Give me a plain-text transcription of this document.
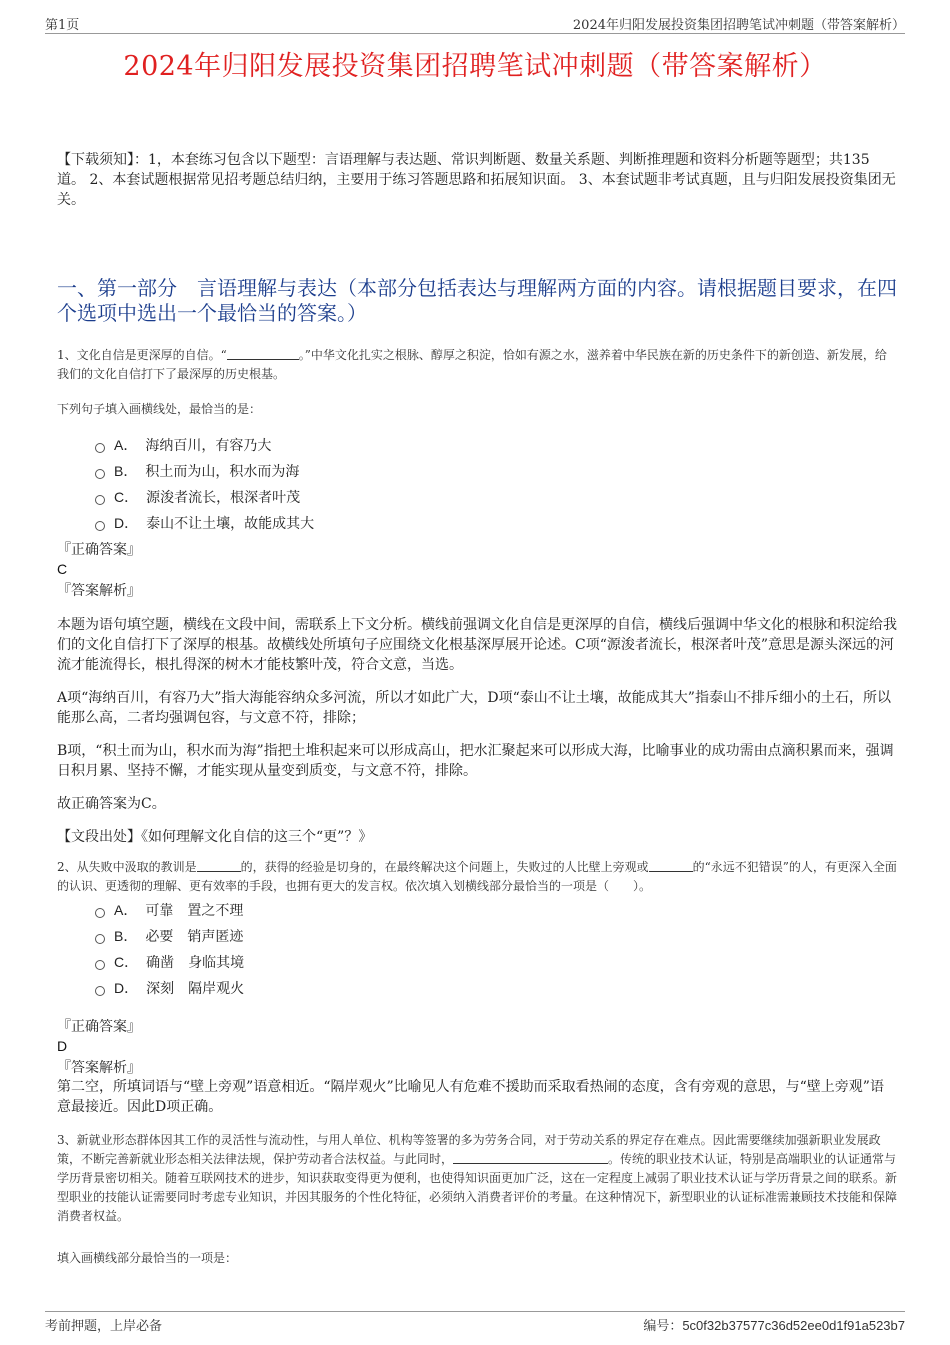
第1页	2024年归阳发展投资集团招聘笔试冲刺题（带答案解析）
2024年归阳发展投资集团招聘笔试冲刺题（带答案解析）
【下载须知】：1，本套练习包含以下题型：言语理解与表达题、常识判断题、数量关系题、判断推理题和资料分析题等题型；共135道。 2、本套试题根据常见招考题总结归纳，主要用于练习答题思路和拓展知识面。 3、本套试题非考试真题，且与归阳发展投资集团无关。
一、第一部分　言语理解与表达（本部分包括表达与理解两方面的内容。请根据题目要求，在四个选项中选出一个最恰当的答案。）
1、文化自信是更深厚的自信。“	。”中华文化扎实之根脉、醇厚之积淀，恰如有源之水，滋养着中华民族在新的历史条件下的新创造、新发展，给我们的文化自信打下了最深厚的历史根基。
下列句子填入画横线处，最恰当的是：
A． 海纳百川，有容乃大
B． 积土而为山，积水而为海
C． 源浚者流长，根深者叶茂
D． 泰山不让土壤，故能成其大
『正确答案』
C
『答案解析』

本题为语句填空题，横线在文段中间，需联系上下文分析。横线前强调文化自信是更深厚的自信，横线后强调中华文化的根脉和积淀给我们的文化自信打下了深厚的根基。故横线处所填句子应围绕文化根基深厚展开论述。C项“源浚者流长，根深者叶茂”意思是源头深远的河流才能流得长，根扎得深的树木才能枝繁叶茂，符合文意，当选。

A项“海纳百川，有容乃大”指大海能容纳众多河流，所以才如此广大，D项“泰山不让土壤，故能成其大”指泰山不排斥细小的土石，所以能那么高，二者均强调包容，与文意不符，排除；

B项，“积土而为山，积水而为海”指把土堆积起来可以形成高山，把水汇聚起来可以形成大海，比喻事业的成功需由点滴积累而来，强调日积月累、坚持不懈，才能实现从量变到质变，与文意不符，排除。

故正确答案为C。

【文段出处】《如何理解文化自信的这三个“更”？》

2、从失败中汲取的教训是	的，获得的经验是切身的，在最终解决这个问题上，失败过的人比壁上旁观或	的“永远不犯错误”的人，有更深入全面的认识、更透彻的理解、更有效率的手段，也拥有更大的发言权。依次填入划横线部分最恰当的一项是（　　）。
A． 可靠　置之不理
B． 必要　销声匿迹
C． 确凿　身临其境
D． 深刻　隔岸观火
『正确答案』
D
『答案解析』
第二空，所填词语与“壁上旁观”语意相近。“隔岸观火”比喻见人有危难不援助而采取看热闹的态度，含有旁观的意思，与“壁上旁观”语意最接近。因此D项正确。
3、新就业形态群体因其工作的灵活性与流动性，与用人单位、机构等签署的多为劳务合同，对于劳动关系的界定存在难点。因此需要继续加强新职业发展政策，不断完善新就业形态相关法律法规，保护劳动者合法权益。与此同时，	。传统的职业技术认证，特别是高端职业的认证通常与学历背景密切相关。随着互联网技术的进步，知识获取变得更为便利，也使得知识面更加广泛，这在一定程度上减弱了职业技术认证与学历背景之间的联系。新型职业的技能认证需要同时考虑专业知识，并因其服务的个性化特征，必须纳入消费者评价的考量。在这种情况下，新型职业的认证标准需兼顾技术技能和保障消费者权益。
填入画横线部分最恰当的一项是：
考前押题，上岸必备	编号：5c0f32b37577c36d52ee0d1f91a523b7
